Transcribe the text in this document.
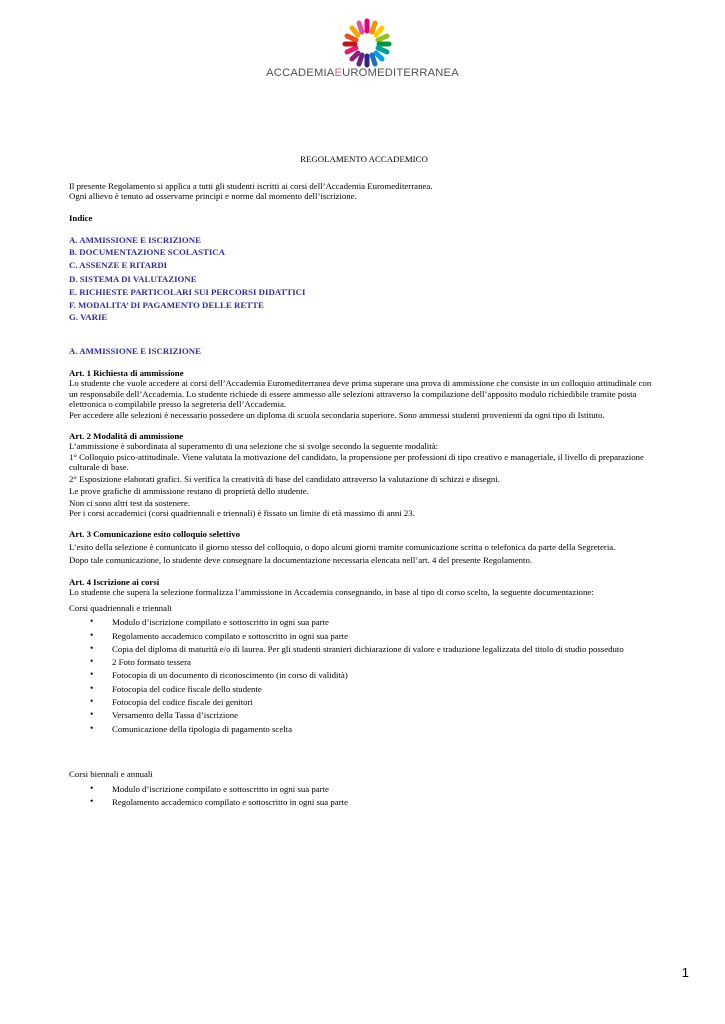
ACCADEMIAEUROMEDITERRANEA
REGOLAMENTO ACCADEMICO

Il presente Regolamento si applica a tutti gli studenti iscritti ai corsi dell’Accademia Euromediterranea.

Ogni allievo è tenuto ad osservarne principi e norme dal momento dell’iscrizione.

Indice

A. AMMISSIONE E ISCRIZIONE
B. DOCUMENTAZIONE SCOLASTICA
C. ASSENZE E RITARDI
D. SISTEMA DI VALUTAZIONE
E. RICHIESTE PARTICOLARI SUI PERCORSI DIDATTICI
F. MODALITA’ DI PAGAMENTO DELLE RETTE
G. VARIE

A. AMMISSIONE E ISCRIZIONE

Art. 1 Richiesta di ammissione

Lo studente che vuole accedere ai corsi dell’Accademia Euromediterranea deve prima superare una prova di ammissione che consiste in un colloquio attitudinale con un responsabile dell’Accademia. Lo studente richiede di essere ammesso alle selezioni attraverso la compilazione dell’apposito modulo richiedibile tramite posta elettronica o compilabile presso la segreteria dell’Accademia.

Per accedere alle selezioni è necessario possedere un diploma di scuola secondaria superiore. Sono ammessi studenti provenienti da ogni tipo di Istituto.

Art. 2 Modalità di ammissione

L’ammissione è subordinata al superamento di una selezione che si svolge secondo la seguente modalità:

1° Colloquio psico-attitudinale. Viene valutata la motivazione del candidato, la propensione per professioni di tipo creativo e manageriale, il livello di preparazione culturale di base.

2° Esposizione elaborati grafici. Si verifica la creatività di base del candidato attraverso la valutazione di schizzi e disegni.

Le prove grafiche di ammissione restano di proprietà dello studente.

Non ci sono altri test da sostenere.

Per i corsi accademici (corsi quadriennali e triennali) è fissato un limite di età massimo di anni 23.

Art. 3 Comunicazione esito colloquio selettivo

L’esito della selezione è comunicato il giorno stesso del colloquio, o dopo alcuni giorni tramite comunicazione scritta o telefonica da parte della Segreteria.

Dopo tale comunicazione, lo studente deve consegnare la documentazione necessaria elencata nell’art. 4 del presente Regolamento.

Art. 4 Iscrizione ai corsi

Lo studente che supera la selezione formalizza l’ammissione in Accademia consegnando, in base al tipo di corso scelto, la seguente documentazione:

Corsi quadriennali e triennali

• Modulo d’iscrizione compilato e sottoscritto in ogni sua parte
• Regolamento accademico compilato e sottoscritto in ogni sua parte
• Copia del diploma di maturità e/o di laurea. Per gli studenti stranieri dichiarazione di valore e traduzione legalizzata del titolo di studio posseduto
• 2 Foto formato tessera
• Fotocopia di un documento di riconoscimento (in corso di validità)
• Fotocopia del codice fiscale dello studente
• Fotocopia del codice fiscale dei genitori
• Versamento della Tassa d’iscrizione
• Comunicazione della tipologia di pagamento scelta

Corsi biennali e annuali

• Modulo d’iscrizione compilato e sottoscritto in ogni sua parte
• Regolamento accademico compilato e sottoscritto in ogni sua parte
1
